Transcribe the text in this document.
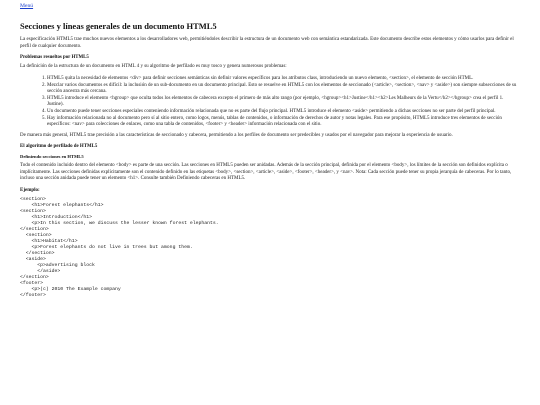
Menú
Secciones y líneas generales de un documento HTML5

La especificación HTML5 trae muchos nuevos elementos a los desarrolladores web, permitiéndoles describir la estructura de un documento web con semántica estandarizada. Este documento describe estos elementos y cómo usarlos para definir el perfil de cualquier documento.

Problemas resueltos por HTML5

La definición de la estructura de un documento en HTML 4 y su algoritmo de perfilado es muy tosco y genera numerosos problemas:

1. HTML5 quita la necesidad de elementos <div> para definir secciones semánticas sin definir valores específicos para los atributos class, introduciendo un nuevo elemento, <section>, el elemento de sección HTML.
2. Mezclar varios documentos es difícil: la inclusión de un sub-documento en un documento principal. Esto se resuelve en HTML5 con los elementos de seccionado (<article>, <section>, <nav> y <aside>) son siempre subsecciones de su sección ancestra más cercana.
3. HTML5 introduce el elemento <hgroup> que oculta todos los elementos de cabecera excepto el primero de más alto rango (por ejemplo, <hgroup><h1>Justine</h1><h2>Les Malheurs de la Vertu</h2></hgroup> crea el perfil 1. Justine).
4. Un documento puede tener secciones especiales conteniendo información relacionada que no es parte del flujo principal. HTML5 introduce el elemento <aside> permitiendo a dichas secciones no ser parte del perfil principal.
5. Hay información relacionada no al documento pero sí al sitio entero, como logos, menús, tablas de contenidos, o información de derechos de autor y notas legales. Para ese propósito, HTML5 introduce tres elementos de sección específicos: <nav> para colecciones de enlaces, como una tabla de contenidos, <footer> y <header> información relacionada con el sitio.

De manera más general, HTML5 trae precisión a las características de seccionado y cabecera, permitiendo a los perfiles de documento ser predecibles y usados por el navegador para mejorar la experiencia de usuario.

El algoritmo de perfilado de HTML5
Definiendo secciones en HTML5

Todo el contenido incluido dentro del elemento <body> es parte de una sección. Las secciones en HTML5 pueden ser anidadas. Además de la sección principal, definida por el elemento <body>, los límites de la sección son definidos explícita o implícitamente. Las secciones definidas explícitamente son el contenido definido en las etiquetas <body>, <section>, <article>, <aside>, <footer>, <header>, y <nav>. Nota: Cada sección puede tener su propia jerarquía de cabeceras. Por lo tanto, incluso una sección anidada puede tener un elemento <h1>. Consulte también Definiendo cabeceras en HTML5.

Ejemplo:
<section>
<h1>Forest elephants</h1>
<section>
<h1>Introduction</h1>
<p>In this section, we discuss the lesser known forest elephants.
</section>
<section>
<h1>Habitat</h1>
<p>Forest elephants do not live in trees but among them.
</section>
<aside>
<p>advertising block
</aside>
</section>
<footer>
<p>(c) 2010 The Example company
</footer>
